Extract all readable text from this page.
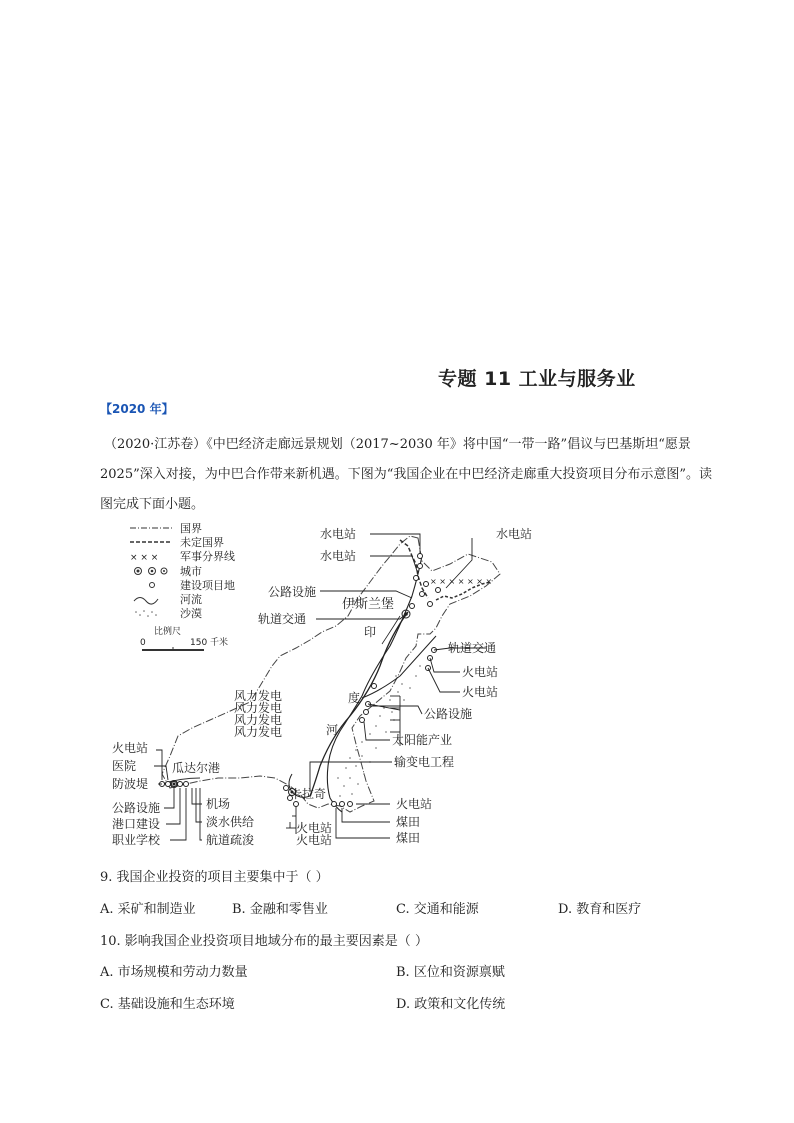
专题 11 工业与服务业
【2020 年】
（2020·江苏卷）《中巴经济走廊远景规划（2017~2030 年》将中国“一带一路”倡议与巴基斯坦“愿景
2025”深入对接，为中巴合作带来新机遇。下图为“我国企业在中巴经济走廊重大投资项目分布示意图”。读
图完成下面小题。
国界
未定国界
× × × 军事分界线
城市
建设项目地
河流
沙漠
比例尺
0	150 千米
× × × × × × ×
印
度
河
水电站
水电站
水电站
公路设施
伊斯兰堡
轨道交通
轨道交通
火电站
火电站
公路设施
风力发电
风力发电
风力发电
风力发电
太阳能产业
输变电工程
火电站
医院
防波堤
瓜达尔港
公路设施
港口建设
职业学校
机场
淡水供给
航道疏浚
卡拉奇
火电站
火电站
火电站
煤田
煤田
9. 我国企业投资的项目主要集中于（ ）
A. 采矿和制造业	B. 金融和零售业	C. 交通和能源	D. 教育和医疗
10. 影响我国企业投资项目地域分布的最主要因素是（ ）
A. 市场规模和劳动力数量	B. 区位和资源禀赋
C. 基础设施和生态环境	D. 政策和文化传统
